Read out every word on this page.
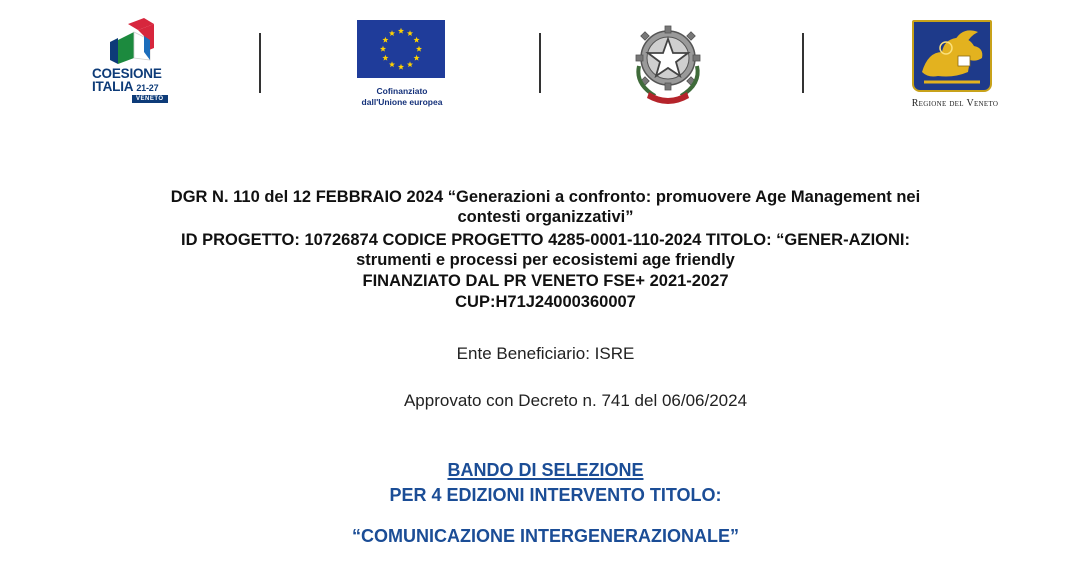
COESIONE
ITALIA $^{21-27}$
VENETO
Cofinanziato
dall'Unione europea	Regione del Veneto
DGR N. 110 del 12 FEBBRAIO 2024 “Generazioni a confronto: promuovere Age Management nei
contesti organizzativi”
ID PROGETTO: 10726874 CODICE PROGETTO 4285-0001-110-2024 TITOLO: “GENER-AZIONI:
strumenti e processi per ecosistemi age friendly
FINANZIATO DAL PR VENETO FSE+ 2021-2027
CUP:H71J24000360007
Ente Beneficiario: ISRE
Approvato con Decreto n. 741 del 06/06/2024
BANDO DI SELEZIONE
PER 4 EDIZIONI INTERVENTO TITOLO:
“COMUNICAZIONE INTERGENERAZIONALE”
